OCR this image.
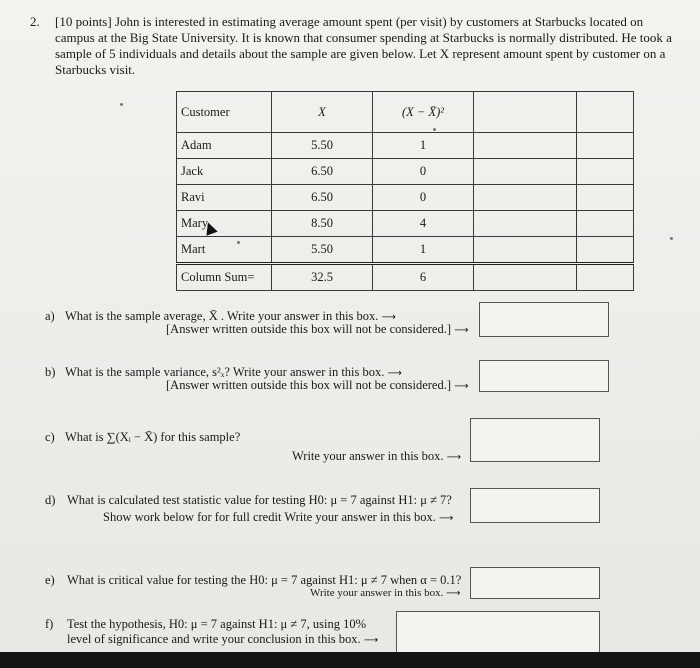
2. [10 points] John is interested in estimating average amount spent (per visit) by customers at Starbucks located on campus at the Big State University. It is known that consumer spending at Starbucks is normally distributed. He took a sample of 5 individuals and details about the sample are given below. Let X represent amount spent by customer on a Starbucks visit.
Customer	X	(X − X̄)²		
Adam	5.50	1		
Jack	6.50	0		
Ravi	6.50	0		
Mary	8.50	4		
Mart	5.50	1		
Column Sum=	32.5	6		
a) What is the sample average, X̄ . Write your answer in this box. ⟶
[Answer written outside this box will not be considered.] ⟶
b) What is the sample variance, s²ₓ? Write your answer in this box. ⟶
[Answer written outside this box will not be considered.] ⟶
c) What is ∑(Xᵢ − X̄) for this sample?
Write your answer in this box. ⟶
d) What is calculated test statistic value for testing H0: μ = 7 against H1: μ ≠ 7?
Show work below for for full credit Write your answer in this box. ⟶
e) What is critical value for testing the H0: μ = 7 against H1: μ ≠ 7 when α = 0.1?
Write your answer in this box. ⟶
f) Test the hypothesis, H0: μ = 7 against H1: μ ≠ 7, using 10%
level of significance and write your conclusion in this box. ⟶
